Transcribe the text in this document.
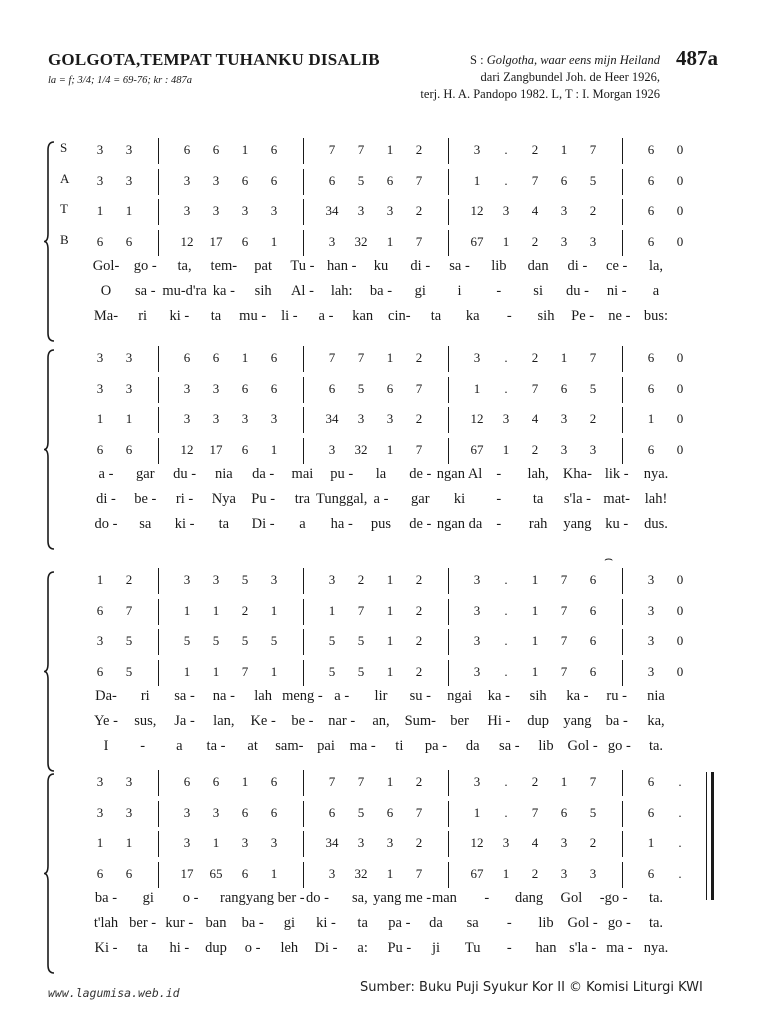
GOLGOTA,TEMPAT TUHANKU DISALIB
la = f; 3/4; 1/4 = 69-76; kr : 487a
S : Golgotha, waar eens mijn Heiland
dari Zangbundel Joh. de Heer 1926,
terj. H. A. Pandopo 1982. L, T : I. Morgan 1926
487a
S	3 3	6 6 1 6	7 7 1 2	3 . 2 1 7	6 0
A	3 3	3 3 6 6	6 5 6 7	1 . 7 6 5	6 0
T	1 1	3 3 3 3	34 3 3 2	12 3 4 3 2	6 0
B	6 6	12 17 6 1	3 32 1 7	67 1 2 3 3	6 0
Gol- go - ta, tem- pat Tu - han - ku di - sa - lib dan di - ce - la,
O sa - mu-d'ra ka - sih Al - lah: ba - gi i - si du - ni - a
Ma- ri ki - ta mu - li - a - kan cin- ta ka - sih Pe - ne - bus:
3 3	6 6 1 6	7 7 1 2	3 . 2 1 7	6 0
3 3	3 3 6 6	6 5 6 7	1 . 7 6 5	6 0
1 1	3 3 3 3	34 3 3 2	12 3 4 3 2	1 0
6 6	12 17 6 1	3 32 1 7	67 1 2 3 3	6 0
a - gar du - nia da - mai pu - la de - ngan Al - lah, Kha- lik - nya.
di - be - ri - Nya Pu - tra Tunggal, a - gar ki - ta s'la - mat- lah!
do - sa ki - ta Di - a ha - pus de - ngan da - rah yang ku - dus.
1 2	3 3 5 3	3 2 1 2	3 . 1 7 6	3 0
6 7	1 1 2 1	1 7 1 2	3 . 1 7 6	3 0
3 5	5 5 5 5	5 5 1 2	3 . 1 7 6	3 0
6 5	1 1 7 1	5 5 1 2	3 . 1 7 6	3 0
Da- ri sa - na - lah meng - a - lir su - ngai ka - sih ka - ru - nia
Ye - sus, Ja - lan, Ke - be - nar - an, Sum- ber Hi - dup yang ba - ka,
I - a ta - at sam- pai ma - ti pa - da sa - lib Gol - go - ta.
⌢
3 3	6 6 1 6	7 7 1 2	3 . 2 1 7	6 .
3 3	3 3 6 6	6 5 6 7	1 . 7 6 5	6 .
1 1	3 1 3 3	34 3 3 2	12 3 4 3 2	1 .
6 6	17 65 6 1	3 32 1 7	67 1 2 3 3	6 .
ba - gi o - rang yang ber - do - sa, yang me - man - dang Gol -go - ta.
t'lah ber - kur - ban ba - gi ki - ta pa - da sa - lib Gol - go - ta.
Ki - ta hi - dup o - leh Di - a: Pu - ji Tu - han s'la - ma - nya.
www.lagumisa.web.id	Sumber: Buku Puji Syukur Kor II © Komisi Liturgi KWI
